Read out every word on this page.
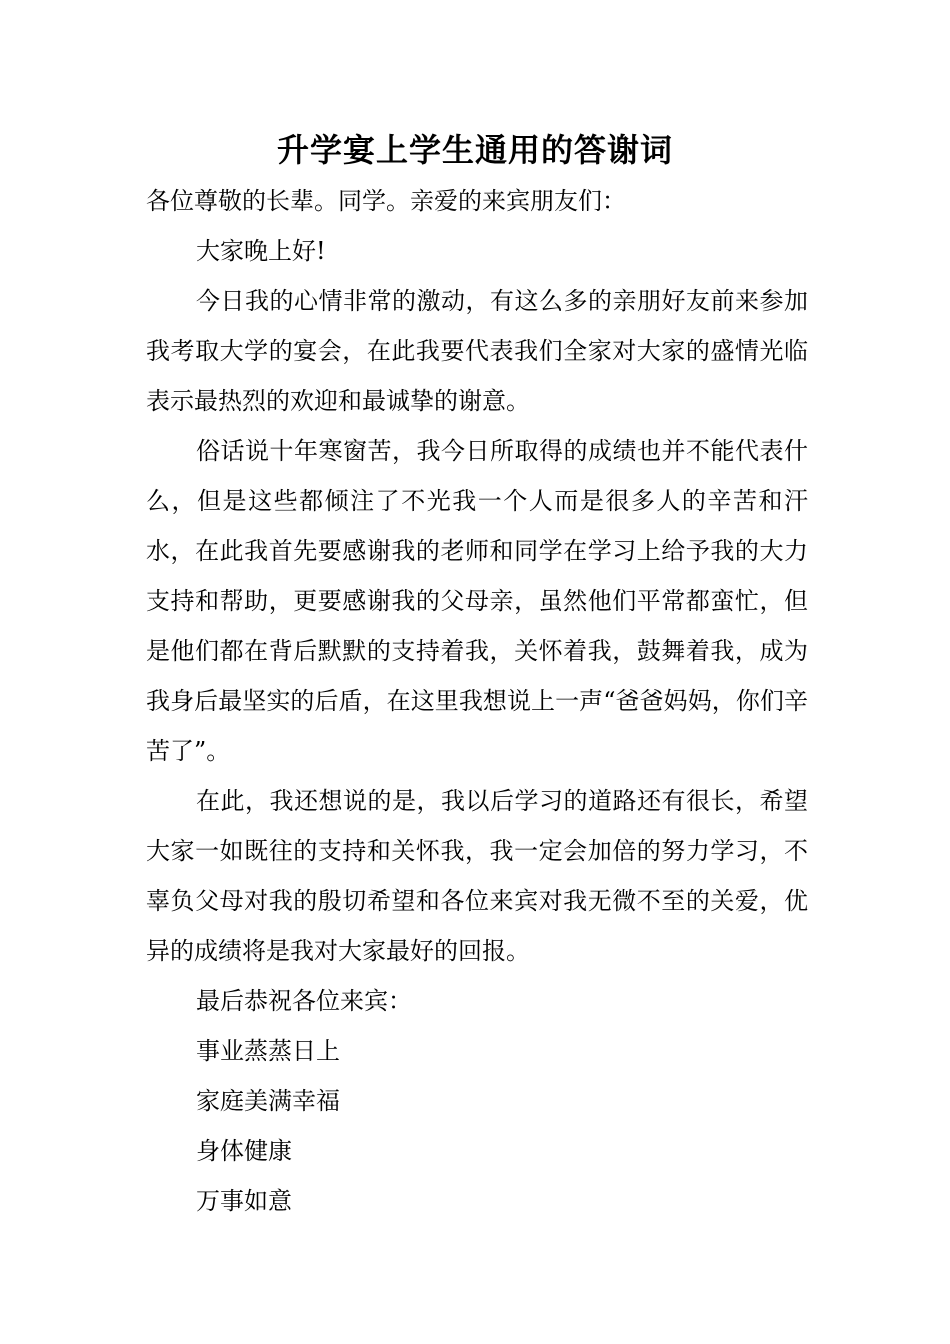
升学宴上学生通用的答谢词

各位尊敬的长辈。同学。亲爱的来宾朋友们：

大家晚上好!

今日我的心情非常的激动，有这么多的亲朋好友前来参加我考取大学的宴会，在此我要代表我们全家对大家的盛情光临表示最热烈的欢迎和最诚挚的谢意。

俗话说十年寒窗苦，我今日所取得的成绩也并不能代表什么，但是这些都倾注了不光我一个人而是很多人的辛苦和汗水，在此我首先要感谢我的老师和同学在学习上给予我的大力支持和帮助，更要感谢我的父母亲，虽然他们平常都蛮忙，但是他们都在背后默默的支持着我，关怀着我，鼓舞着我，成为我身后最坚实的后盾，在这里我想说上一声“爸爸妈妈，你们辛苦了”。

在此，我还想说的是，我以后学习的道路还有很长，希望大家一如既往的支持和关怀我，我一定会加倍的努力学习，不辜负父母对我的殷切希望和各位来宾对我无微不至的关爱，优异的成绩将是我对大家最好的回报。

最后恭祝各位来宾：

事业蒸蒸日上

家庭美满幸福

身体健康

万事如意
